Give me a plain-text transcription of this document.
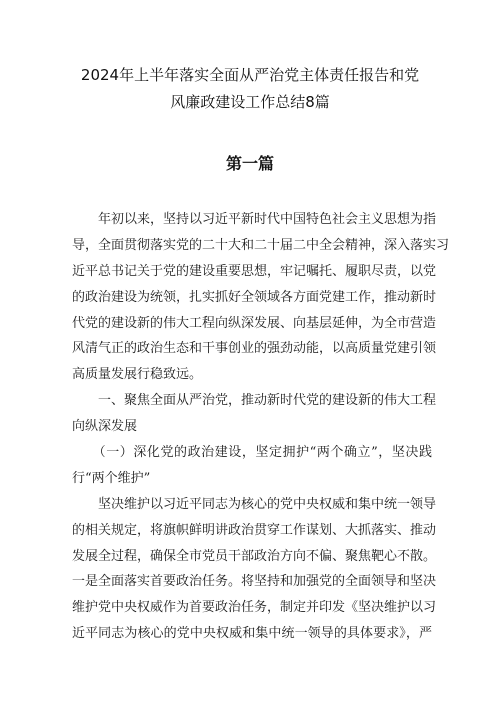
2024年上半年落实全面从严治党主体责任报告和党
风廉政建设工作总结8篇
第一篇
　　年初以来，坚持以习近平新时代中国特色社会主义思想为指
导，全面贯彻落实党的二十大和二十届二中全会精神，深入落实习
近平总书记关于党的建设重要思想，牢记嘱托、履职尽责，以党
的政治建设为统领，扎实抓好全领域各方面党建工作，推动新时
代党的建设新的伟大工程向纵深发展、向基层延伸，为全市营造
风清气正的政治生态和干事创业的强劲动能，以高质量党建引领
高质量发展行稳致远。
　　一、聚焦全面从严治党，推动新时代党的建设新的伟大工程
向纵深发展
　　（一）深化党的政治建设，坚定拥护“两个确立”，坚决践
行“两个维护”
　　坚决维护以习近平同志为核心的党中央权威和集中统一领导
的相关规定，将旗帜鲜明讲政治贯穿工作谋划、大抓落实、推动
发展全过程，确保全市党员干部政治方向不偏、聚焦靶心不散。
一是全面落实首要政治任务。将坚持和加强党的全面领导和坚决
维护党中央权威作为首要政治任务，制定并印发《坚决维护以习
近平同志为核心的党中央权威和集中统一领导的具体要求》，严
